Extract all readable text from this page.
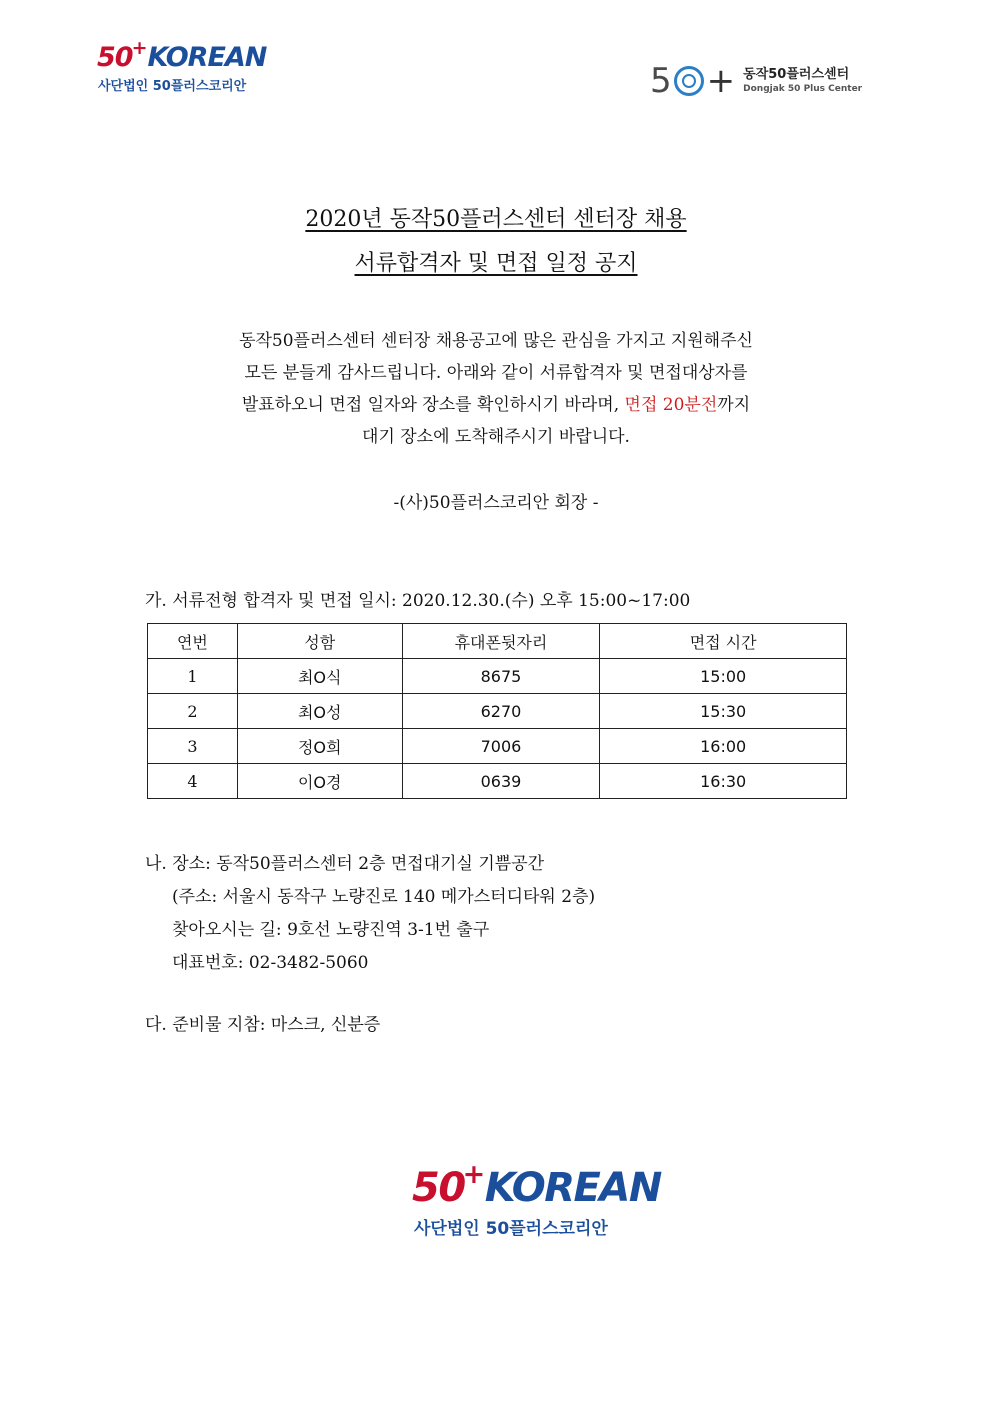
50+KOREAN
사단법인 50플러스코리안	5 + 동작50플러스센터
Dongjak 50 Plus Center
2020년 동작50플러스센터 센터장 채용
서류합격자 및 면접 일정 공지
동작50플러스센터 센터장 채용공고에 많은 관심을 가지고 지원해주신
모든 분들게 감사드립니다. 아래와 같이 서류합격자 및 면접대상자를
발표하오니 면접 일자와 장소를 확인하시기 바라며, 면접 20분전까지
대기 장소에 도착해주시기 바랍니다.
-(사)50플러스코리안 회장 -
가. 서류전형 합격자 및 면접 일시: 2020.12.30.(수) 오후 15:00~17:00
연번	성함	휴대폰뒷자리	면접 시간
1	최O식	8675	15:00
2	최O성	6270	15:30
3	정O희	7006	16:00
4	이O경	0639	16:30
나. 장소: 동작50플러스센터 2층 면접대기실 기쁨공간
(주소: 서울시 동작구 노량진로 140 메가스터디타워 2층)
찾아오시는 길: 9호선 노량진역 3-1번 출구
대표번호: 02-3482-5060
다. 준비물 지참: 마스크, 신분증
50+KOREAN
사단법인 50플러스코리안
